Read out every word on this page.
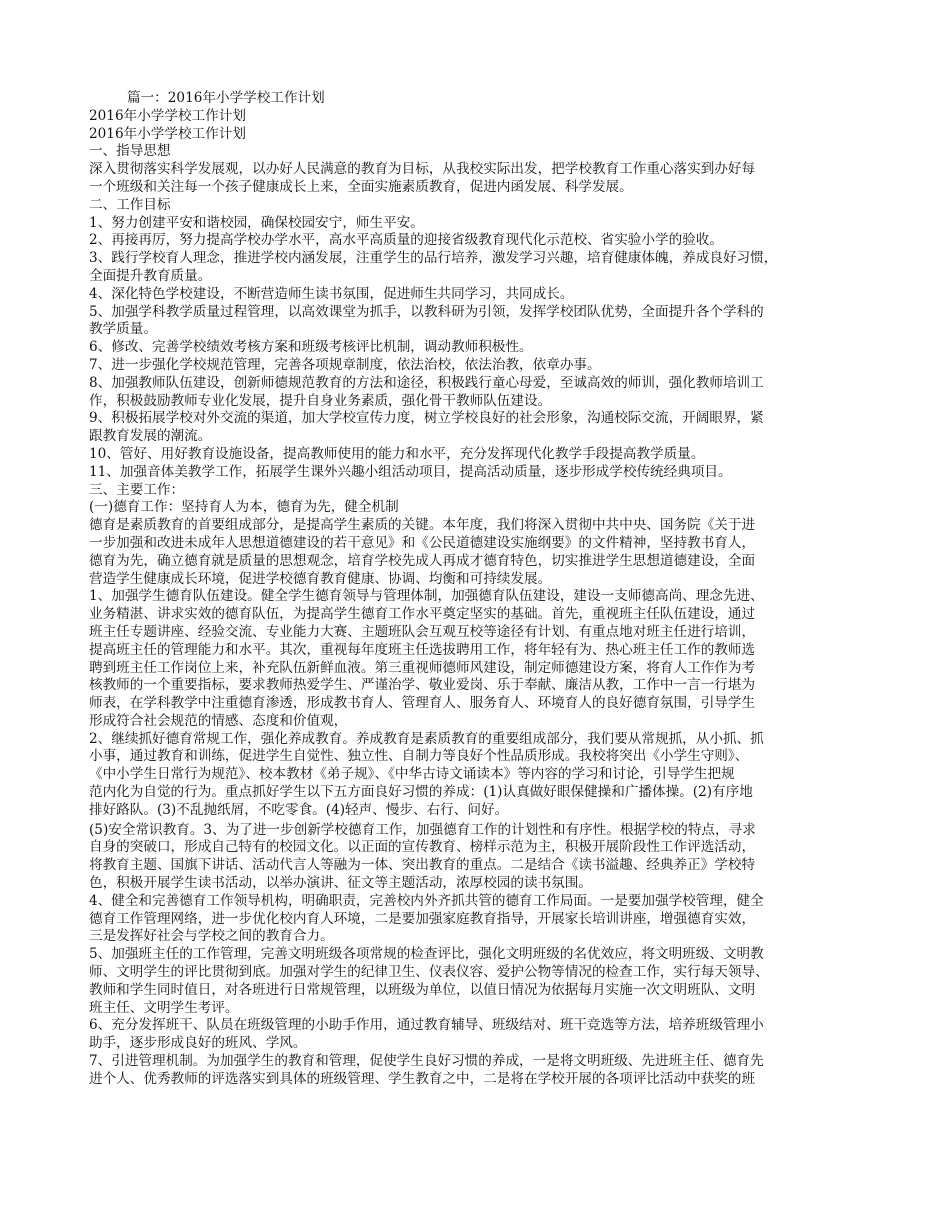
篇一：2016年小学学校工作计划

2016年小学学校工作计划

2016年小学学校工作计划

一、指导思想

深入贯彻落实科学发展观，以办好人民满意的教育为目标，从我校实际出发，把学校教育工作重心落实到办好每

一个班级和关注每一个孩子健康成长上来，全面实施素质教育，促进内函发展、科学发展。

二、工作目标

1、努力创建平安和谐校园，确保校园安宁，师生平安。

2、再接再厉，努力提高学校办学水平，高水平高质量的迎接省级教育现代化示范校、省实验小学的验收。

3、践行学校育人理念，推进学校内涵发展，注重学生的品行培养，激发学习兴趣，培育健康体魄，养成良好习惯，

全面提升教育质量。

4、深化特色学校建设，不断营造师生读书氛围，促进师生共同学习，共同成长。

5、加强学科教学质量过程管理，以高效课堂为抓手，以教科研为引领，发挥学校团队优势，全面提升各个学科的

教学质量。

6、修改、完善学校绩效考核方案和班级考核评比机制，调动教师积极性。

7、进一步强化学校规范管理，完善各项规章制度，依法治校，依法治教，依章办事。

8、加强教师队伍建设，创新师德规范教育的方法和途径，积极践行童心母爱，至诚高效的师训，强化教师培训工

作，积极鼓励教师专业化发展，提升自身业务素质，强化骨干教师队伍建设。

9、积极拓展学校对外交流的渠道，加大学校宣传力度，树立学校良好的社会形象，沟通校际交流，开阔眼界，紧

跟教育发展的潮流。

10、管好、用好教育设施设备，提高教师使用的能力和水平，充分发挥现代化教学手段提高教学质量。

11、加强音体美教学工作，拓展学生课外兴趣小组活动项目，提高活动质量，逐步形成学校传统经典项目。

三、主要工作：

(一)德育工作：坚持育人为本，德育为先，健全机制

德育是素质教育的首要组成部分，是提高学生素质的关键。本年度，我们将深入贯彻中共中央、国务院《关于进

一步加强和改进未成年人思想道德建设的若干意见》和《公民道德建设实施纲要》的文件精神，坚持教书育人，

德育为先，确立德育就是质量的思想观念，培育学校先成人再成才德育特色，切实推进学生思想道德建设，全面

营造学生健康成长环境，促进学校德育教育健康、协调、均衡和可持续发展。

1、加强学生德育队伍建设。健全学生德育领导与管理体制，加强德育队伍建设，建设一支师德高尚、理念先进、

业务精湛、讲求实效的德育队伍，为提高学生德育工作水平奠定坚实的基础。首先，重视班主任队伍建设，通过

班主任专题讲座、经验交流、专业能力大赛、主题班队会互观互校等途径有计划、有重点地对班主任进行培训，

提高班主任的管理能力和水平。其次，重视每年度班主任选拔聘用工作，将年轻有为、热心班主任工作的教师选

聘到班主任工作岗位上来，补充队伍新鲜血液。第三重视师德师风建设，制定师德建设方案，将育人工作作为考

核教师的一个重要指标，要求教师热爱学生、严谨治学、敬业爱岗、乐于奉献、廉洁从教，工作中一言一行堪为

师表，在学科教学中注重德育渗透，形成教书育人、管理育人、服务育人、环境育人的良好德育氛围，引导学生

形成符合社会规范的情感、态度和价值观，

2、继续抓好德育常规工作，强化养成教育。养成教育是素质教育的重要组成部分，我们要从常规抓，从小抓、抓

小事，通过教育和训练，促进学生自觉性、独立性、自制力等良好个性品质形成。我校将突出《小学生守则》、

《中小学生日常行为规范》、校本教材《弟子规》、《中华古诗文诵读本》等内容的学习和讨论，引导学生把规

范内化为自觉的行为。重点抓好学生以下五方面良好习惯的养成：(1)认真做好眼保健操和广播体操。(2)有序地

排好路队。(3)不乱抛纸屑，不吃零食。(4)轻声、慢步、右行、问好。

(5)安全常识教育。3、为了进一步创新学校德育工作，加强德育工作的计划性和有序性。根据学校的特点，寻求

自身的突破口，形成自己特有的校园文化。以正面的宣传教育、榜样示范为主，积极开展阶段性工作评选活动，

将教育主题、国旗下讲话、活动代言人等融为一体、突出教育的重点。二是结合《读书溢趣、经典养正》学校特

色，积极开展学生读书活动，以举办演讲、征文等主题活动，浓厚校园的读书氛围。

4、健全和完善德育工作领导机构，明确职责，完善校内外齐抓共管的德育工作局面。一是要加强学校管理，健全

德育工作管理网络，进一步优化校内育人环境，二是要加强家庭教育指导，开展家长培训讲座，增强德育实效，

三是发挥好社会与学校之间的教育合力。

5、加强班主任的工作管理，完善文明班级各项常规的检查评比，强化文明班级的名优效应，将文明班级、文明教

师、文明学生的评比贯彻到底。加强对学生的纪律卫生、仪表仪容、爱护公物等情况的检查工作，实行每天领导、

教师和学生同时值日，对各班进行日常规管理，以班级为单位，以值日情况为依据每月实施一次文明班队、文明

班主任、文明学生考评。

6、充分发挥班干、队员在班级管理的小助手作用，通过教育辅导、班级结对、班干竞选等方法，培养班级管理小

助手，逐步形成良好的班风、学风。

7、引进管理机制。为加强学生的教育和管理，促使学生良好习惯的养成，一是将文明班级、先进班主任、德育先

进个人、优秀教师的评选落实到具体的班级管理、学生教育之中，二是将在学校开展的各项评比活动中获奖的班
